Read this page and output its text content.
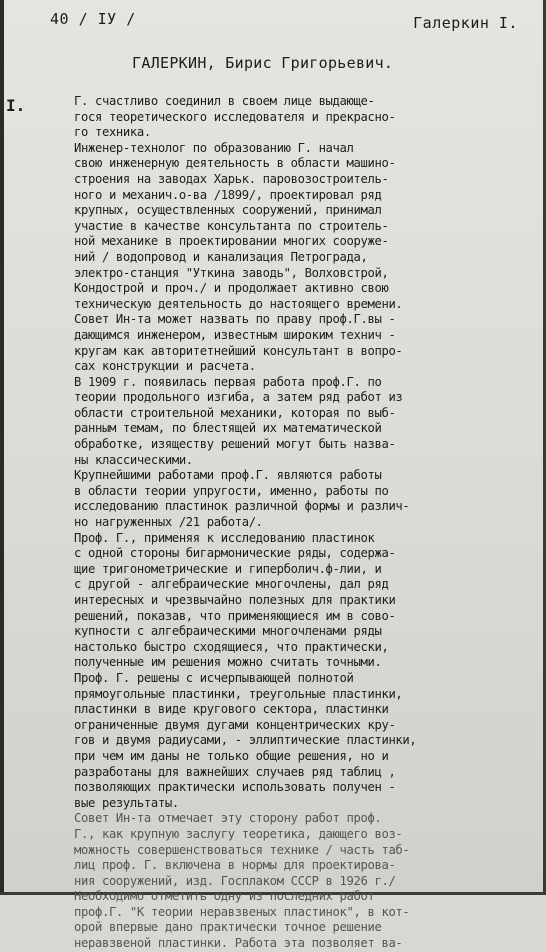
40 / IУ /	Галеркин I.
ГАЛЕРКИН, Бирис Григорьевич.
I.	Г. счастливо соединил в своем лице выдающе-
гося теоретического исследователя и прекрасно-
го техника.
Инженер-технолог по образованию Г. начал
свою инженерную деятельность в области машино-
строения на заводах Харьк. паровозостроитель-
ного и механич.о-ва /1899/, проектировал ряд
крупных, осуществленных сооружений, принимал
участие в качестве консультанта по строитель-
ной механике в проектировании многих сооруже-
ний / водопровод и канализация Петрограда,
электро-станция "Уткина заводь", Волховстрой,
Кондострой и проч./ и продолжает активно свою
техническую деятельность до настоящего времени.
Совет Ин-та может назвать по праву проф.Г.вы -
дающимся инженером, известным широким технич -
кругам как авторитетнейший консультант в вопро-
сах конструкции и расчета.
В 1909 г. появилась первая работа проф.Г. по
теории продольного изгиба, а затем ряд работ из
области строительной механики, которая по выб-
ранным темам, по блестящей их математической
обработке, изяществу решений могут быть назва-
ны классическими.
Крупнейшими работами проф.Г. являются работы
в области теории упругости, именно, работы по
исследованию пластинок различной формы и различ-
но нагруженных /21 работа/.
Проф. Г., применяя к исследованию пластинок
с одной стороны бигармонические ряды, содержа-
щие тригонометрические и гиперболич.ф-лии, и
с другой - алгебраические многочлены, дал ряд
интересных и чрезвычайно полезных для практики
решений, показав, что применяющиеся им в сово-
купности с алгебраическими многочленами ряды
настолько быстро сходящиеся, что практически,
полученные им решения можно считать точными.
Проф. Г. решены с исчерпывающей полнотой
прямоугольные пластинки, треугольные пластинки,
пластинки в виде кругового сектора, пластинки
ограниченные двумя дугами концентрических кру-
гов и двумя радиусами, - эллиптические пластинки,
при чем им даны не только общие решения, но и
разработаны для важнейших случаев ряд таблиц ,
позволяющих практически использовать получен -
вые результаты.
Совет Ин-та отмечает эту сторону работ проф.
Г., как крупную заслугу теоретика, дающего воз-
можность совершенствоваться технике / часть таб-
лиц проф. Г. включена в нормы для проектирова-
ния сооружений, изд. Госплаком СССР в 1926 г./
Необходимо отметить одну из последних работ
проф.Г. "К теории неравзвеных пластинок", в кот-
орой впервые дано практически точное решение
неравзвеной пластинки. Работа эта позволяет ва-
